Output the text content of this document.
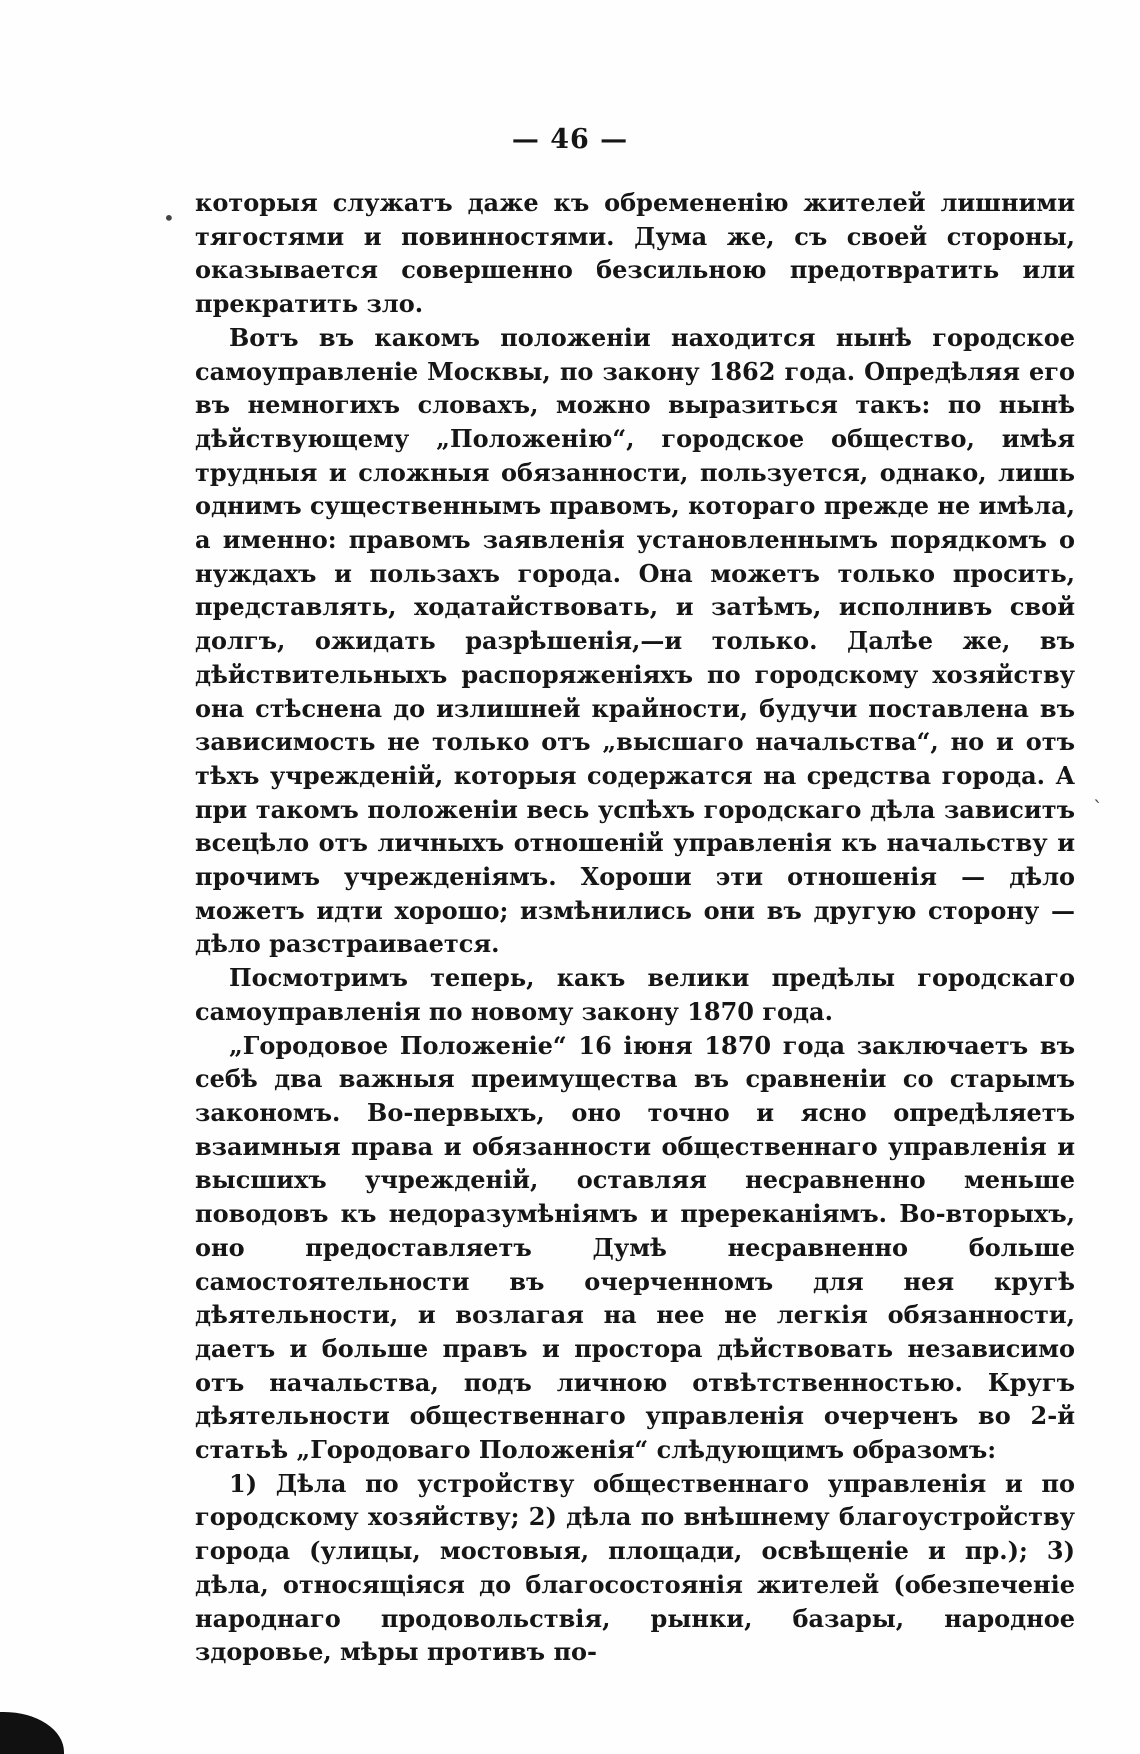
— 46 —

которыя служатъ даже къ обремененію жителей лишними тягостями и повинностями. Дума же, съ своей стороны, оказывается совершенно безсильною предотвратить или прекратить зло.

Вотъ въ какомъ положеніи находится нынѣ городское самоуправленіе Москвы, по закону 1862 года. Опредѣляя его въ немногихъ словахъ, можно выразиться такъ: по нынѣ дѣйствующему „Положенію“, городское общество, имѣя трудныя и сложныя обязанности, пользуется, однако, лишь однимъ существеннымъ правомъ, котораго прежде не имѣла, а именно: правомъ заявленія установленнымъ порядкомъ о нуждахъ и пользахъ города. Она можетъ только просить, представлять, ходатайствовать, и затѣмъ, исполнивъ свой долгъ, ожидать разрѣшенія,—и только. Далѣе же, въ дѣйствительныхъ распоряженіяхъ по городскому хозяйству она стѣснена до излишней крайности, будучи поставлена въ зависимость не только отъ „высшаго начальства“, но и отъ тѣхъ учрежденій, которыя содержатся на средства города. А при такомъ положеніи весь успѣхъ городскаго дѣла зависитъ всецѣло отъ личныхъ отношеній управленія къ начальству и прочимъ учрежденіямъ. Хороши эти отношенія — дѣло можетъ идти хорошо; измѣнились они въ другую сторону — дѣло разстраивается.

Посмотримъ теперь, какъ велики предѣлы городскаго самоуправленія по новому закону 1870 года.

„Городовое Положеніе“ 16 іюня 1870 года заключаетъ въ себѣ два важныя преимущества въ сравненіи со старымъ закономъ. Во-первыхъ, оно точно и ясно опредѣляетъ взаимныя права и обязанности общественнаго управленія и высшихъ учрежденій, оставляя несравненно меньше поводовъ къ недоразумѣніямъ и пререканіямъ. Во-вторыхъ, оно предоставляетъ Думѣ несравненно больше самостоятельности въ очерченномъ для нея кругѣ дѣятельности, и возлагая на нее не легкія обязанности, даетъ и больше правъ и простора дѣйствовать независимо отъ начальства, подъ личною отвѣтственностью. Кругъ дѣятельности общественнаго управленія очерченъ во 2-й статьѣ „Городоваго Положенія“ слѣдующимъ образомъ:

1) Дѣла по устройству общественнаго управленія и по городскому хозяйству; 2) дѣла по внѣшнему благоустройству города (улицы, мостовыя, площади, освѣщеніе и пр.); 3) дѣла, относящіяся до благосостоянія жителей (обезпеченіе народнаго продовольствія, рынки, базары, народное здоровье, мѣры противъ по-

•
`
